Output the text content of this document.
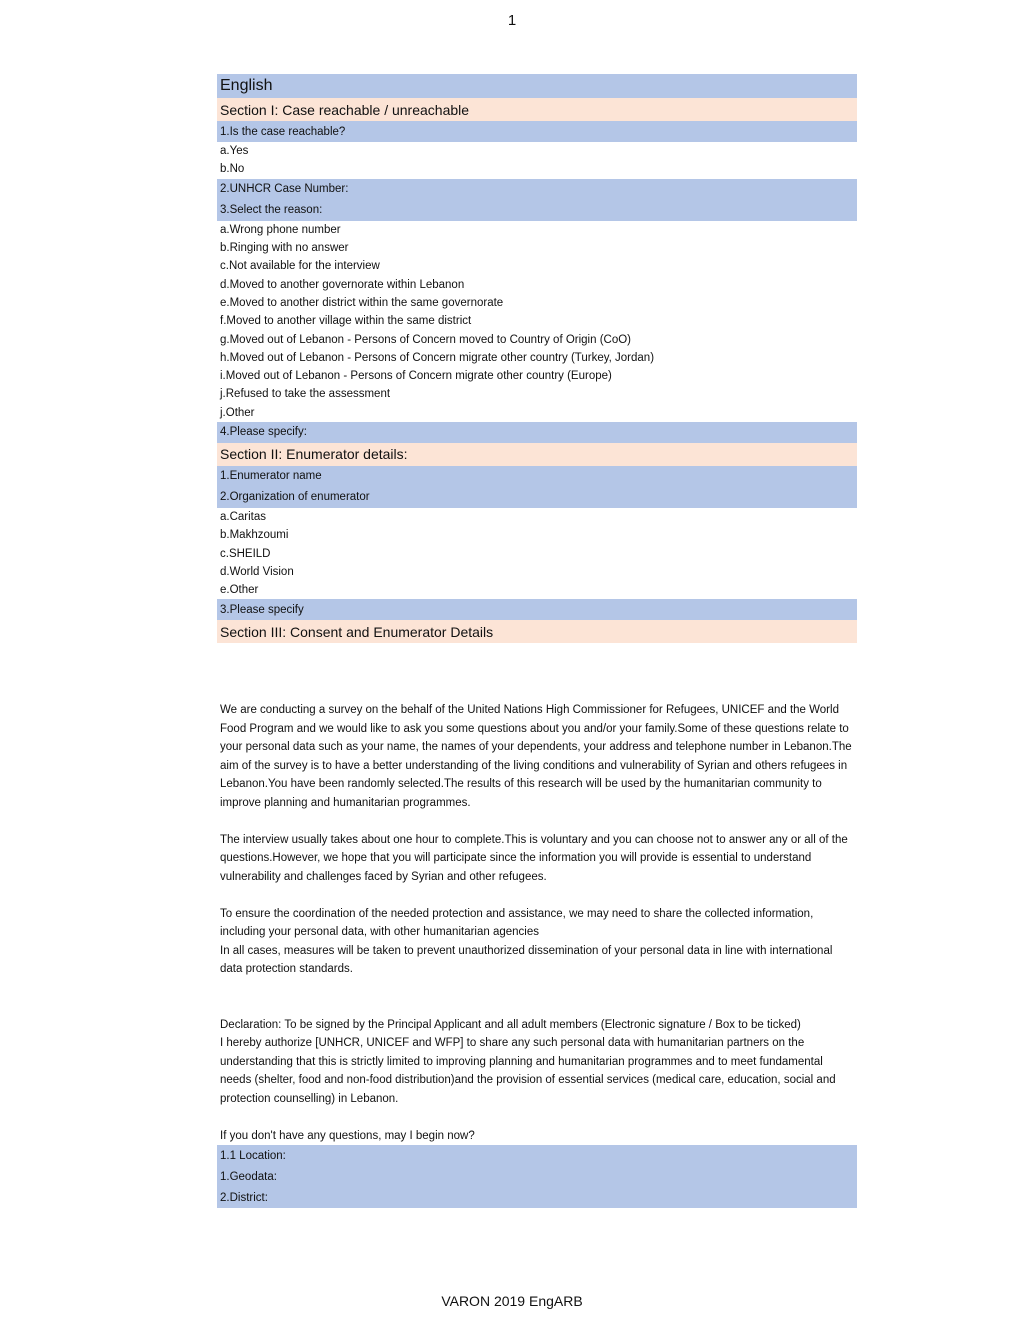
1
English
Section I: Case reachable / unreachable
1.Is the case reachable?
a.Yes
b.No
2.UNHCR Case Number:
3.Select the reason:
a.Wrong phone number
b.Ringing with no answer
c.Not available for the interview
d.Moved to another governorate within Lebanon
e.Moved to another district within the same governorate
f.Moved to another village within the same district
g.Moved out of Lebanon - Persons of Concern moved to Country of Origin (CoO)
h.Moved out of Lebanon - Persons of Concern migrate other country (Turkey, Jordan)
i.Moved out of Lebanon - Persons of Concern migrate other country (Europe)
j.Refused to take the assessment
j.Other
4.Please specify:
Section II: Enumerator details:
1.Enumerator name
2.Organization of enumerator
a.Caritas
b.Makhzoumi
c.SHEILD
d.World Vision
e.Other
3.Please specify
Section III: Consent and Enumerator Details

We are conducting a survey on the behalf of the United Nations High Commissioner for Refugees, UNICEF and the World Food Program and we would like to ask you some questions about you and/or your family.Some of these questions relate to your personal data such as your name, the names of your dependents, your address and telephone number in Lebanon.The aim of the survey is to have a better understanding of the living conditions and vulnerability of Syrian and others refugees in Lebanon.You have been randomly selected.The results of this research will be used by the humanitarian community to improve planning and humanitarian programmes.

The interview usually takes about one hour to complete.This is voluntary and you can choose not to answer any or all of the questions.However, we hope that you will participate since the information you will provide is essential to understand vulnerability and challenges faced by Syrian and other refugees.

To ensure the coordination of the needed protection and assistance, we may need to share the collected information, including your personal data, with other humanitarian agencies

In all cases, measures will be taken to prevent unauthorized dissemination of your personal data in line with international data protection standards.

Declaration: To be signed by the Principal Applicant and all adult members (Electronic signature / Box to be ticked)

I hereby authorize [UNHCR, UNICEF and WFP] to share any such personal data with humanitarian partners on the understanding that this is strictly limited to improving planning and humanitarian programmes and to meet fundamental needs (shelter, food and non-food distribution)and the provision of essential services (medical care, education, social and protection counselling) in Lebanon.

If you don't have any questions, may I begin now?

1.1 Location:
1.Geodata:
2.District:
VARON 2019 EngARB
